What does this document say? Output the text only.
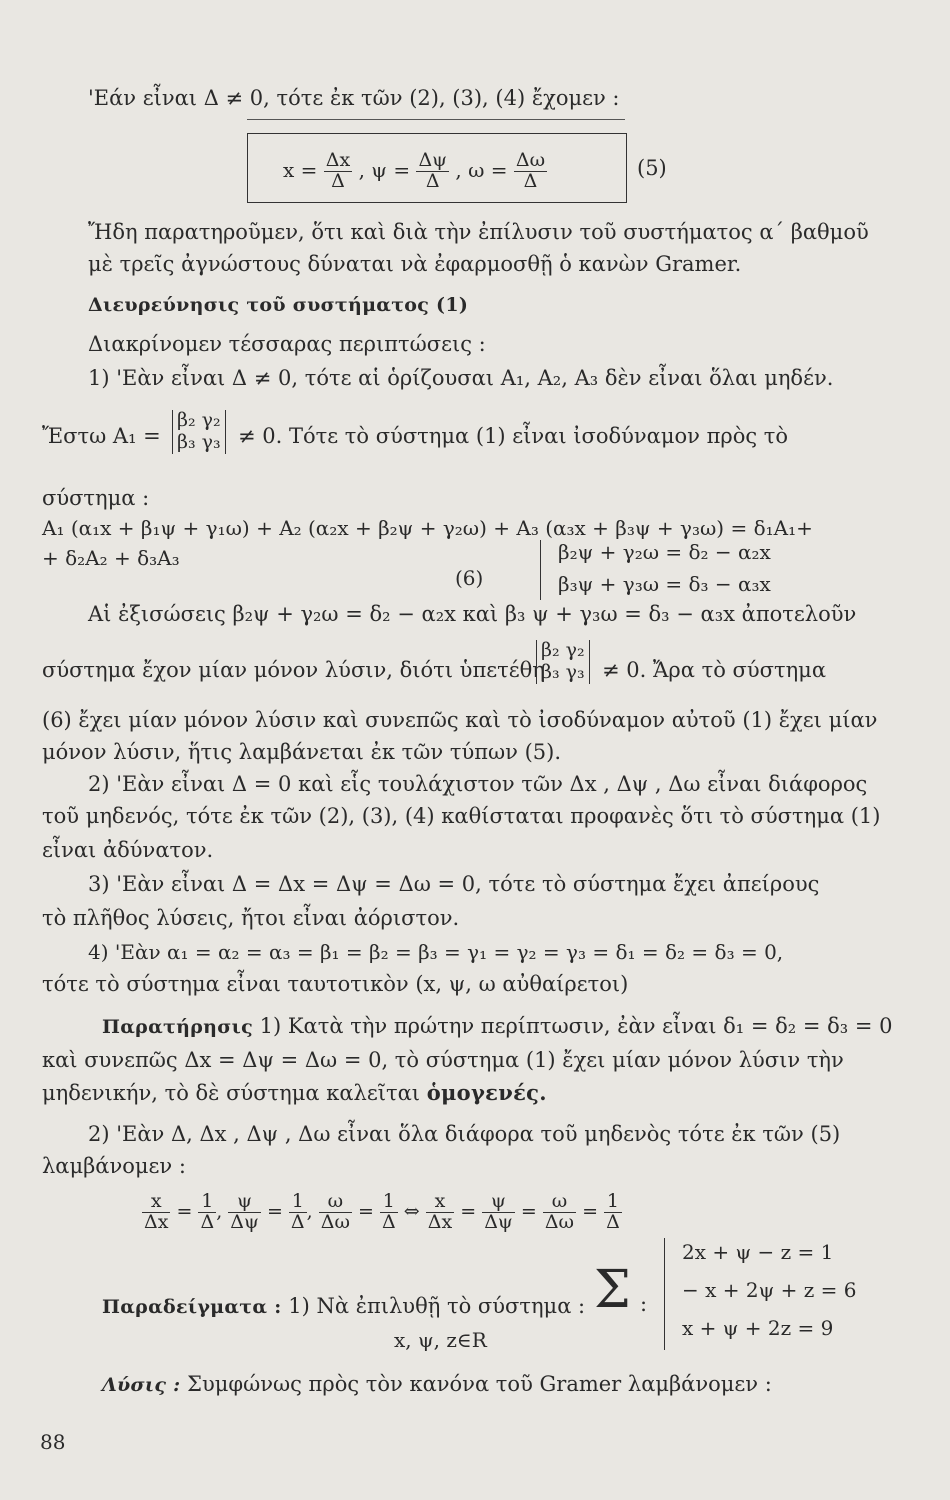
'Εάν εἶναι Δ ≠ 0, τότε ἐκ τῶν (2), (3), (4) ἔχομεν :
$x = \frac{\Delta x}{\Delta}$ , $\psi = \frac{\Delta\psi}{\Delta}$ , $\omega = \frac{\Delta\omega}{\Delta}$	(5)
Ἤδη παρατηροῦμεν, ὅτι καὶ διὰ τὴν ἐπίλυσιν τοῦ συστήματος α΄ βαθμοῦ
μὲ τρεῖς ἀγνώστους δύναται νὰ ἐφαρμοσθῇ ὁ κανὼν Gramer.
Διευρεύνησις τοῦ συστήματος (1)
Διακρίνομεν τέσσαρας περιπτώσεις :
1) 'Εὰν εἶναι Δ ≠ 0, τότε αἱ ὁρίζουσαι A₁, A₂, A₃ δὲν εἶναι ὅλαι μηδέν.
Ἔστω A₁ =
β₂ γ₂
β₃ γ₃ ≠ 0. Τότε τὸ σύστημα (1) εἶναι ἰσοδύναμον πρὸς τὸ
σύστημα :
A₁ (α₁x + β₁ψ + γ₁ω) + A₂ (α₂x + β₂ψ + γ₂ω) + A₃ (α₃x + β₃ψ + γ₃ω) = δ₁A₁+
+ δ₂A₂ + δ₃A₃	β₂ψ + γ₂ω = δ₂ − α₂x
(6)	β₃ψ + γ₃ω = δ₃ − α₃x
Αἱ ἐξισώσεις β₂ψ + γ₂ω = δ₂ − α₂x καὶ β₃ ψ + γ₃ω = δ₃ − α₃x ἀποτελοῦν
σύστημα ἔχον μίαν μόνον λύσιν, διότι ὑπετέθη
β₂ γ₂
β₃ γ₃ ≠ 0. Ἄρα τὸ σύστημα
(6) ἔχει μίαν μόνον λύσιν καὶ συνεπῶς καὶ τὸ ἰσοδύναμον αὐτοῦ (1) ἔχει μίαν
μόνον λύσιν, ἥτις λαμβάνεται ἐκ τῶν τύπων (5).
2) 'Εὰν εἶναι Δ = 0 καὶ εἷς τουλάχιστον τῶν Δx , Δψ , Δω εἶναι διάφορος
τοῦ μηδενός, τότε ἐκ τῶν (2), (3), (4) καθίσταται προφανὲς ὅτι τὸ σύστημα (1)
εἶναι ἀδύνατον.
3) 'Εὰν εἶναι Δ = Δx = Δψ = Δω = 0, τότε τὸ σύστημα ἔχει ἀπείρους
τὸ πλῆθος λύσεις, ἤτοι εἶναι ἀόριστον.
4) 'Εὰν α₁ = α₂ = α₃ = β₁ = β₂ = β₃ = γ₁ = γ₂ = γ₃ = δ₁ = δ₂ = δ₃ = 0,
τότε τὸ σύστημα εἶναι ταυτοτικὸν (x, ψ, ω αὐθαίρετοι)
Παρατήρησις 1) Κατὰ τὴν πρώτην περίπτωσιν, ἐὰν εἶναι δ₁ = δ₂ = δ₃ = 0
καὶ συνεπῶς Δx = Δψ = Δω = 0, τὸ σύστημα (1) ἔχει μίαν μόνον λύσιν τὴν
μηδενικήν, τὸ δὲ σύστημα καλεῖται ὁμογενές.
2) 'Εὰν Δ, Δx , Δψ , Δω εἶναι ὅλα διάφορα τοῦ μηδενὸς τότε ἐκ τῶν (5)
λαμβάνομεν :
$\frac{x}{\Delta x} = \frac{1}{\Delta}$ , $\frac{\psi}{\Delta\psi} = \frac{1}{\Delta}$ , $\frac{\omega}{\Delta\omega} = \frac{1}{\Delta}$ ⇔ $\frac{x}{\Delta x} = \frac{\psi}{\Delta\psi} = \frac{\omega}{\Delta\omega} = \frac{1}{\Delta}$
Παραδείγματα : 1) Νὰ ἐπιλυθῇ τὸ σύστημα : Σ :
2x + ψ − z = 1
− x + 2ψ + z = 6
x + ψ + 2z = 9
x, ψ, z∈R
Λύσις : Συμφώνως πρὸς τὸν κανόνα τοῦ Gramer λαμβάνομεν :
88
